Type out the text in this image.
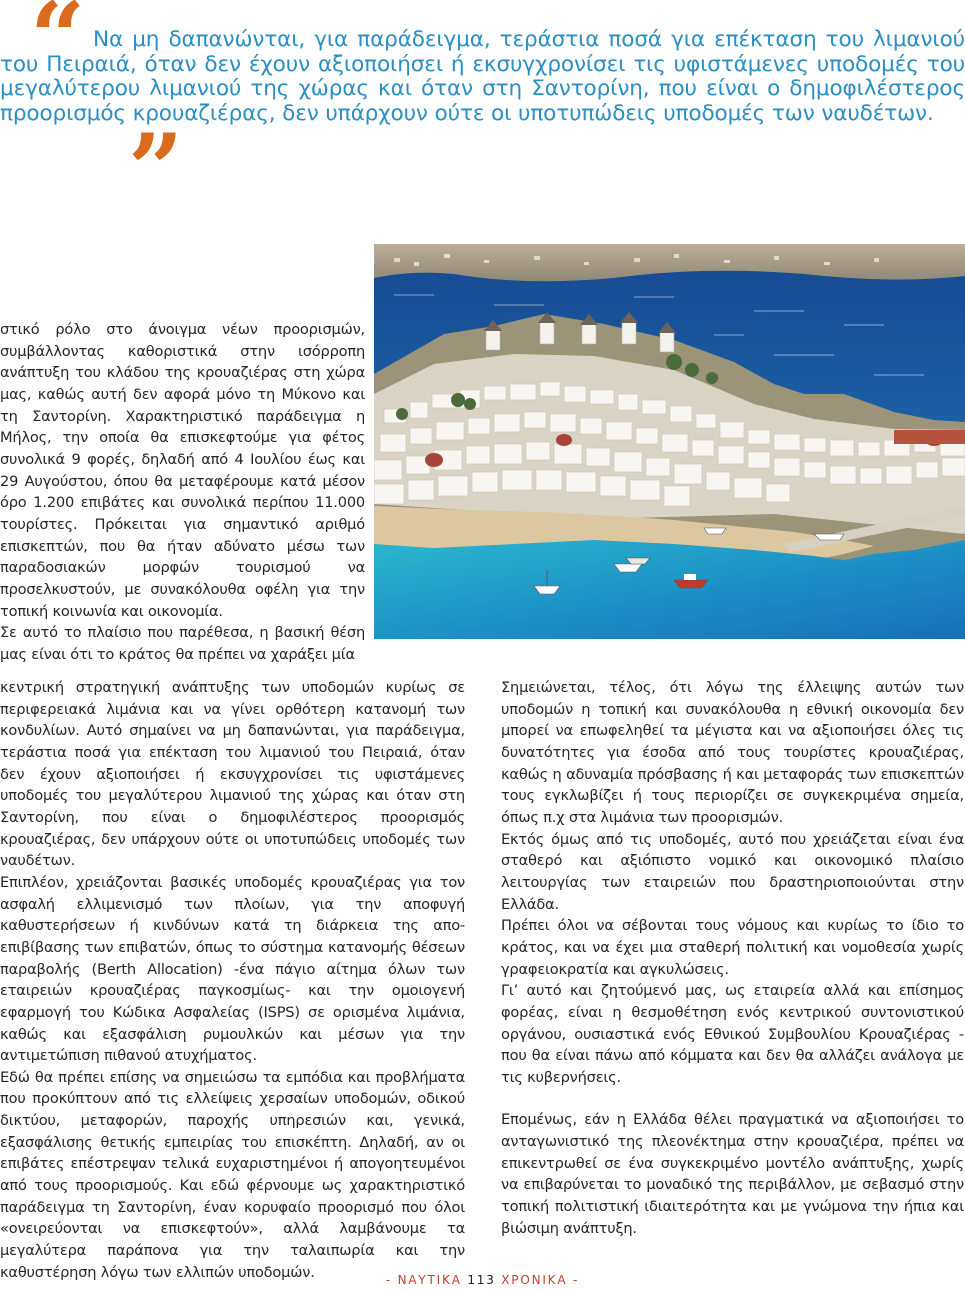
“ Να μη δαπανώνται, για παράδειγμα, τεράστια ποσά για επέκταση του λιμανιού του Πειραιά, όταν δεν έχουν αξιοποιήσει ή εκσυγχρονίσει τις υφιστάμενες υποδομές του μεγαλύτερου λιμανιού της χώρας και όταν στη Σαντορίνη, που είναι ο δημοφιλέστερος προορισμός κρουαζιέρας, δεν υπάρχουν ούτε οι υποτυπώδεις υποδομές των ναυδέτων.

”

στικό ρόλο στο άνοιγμα νέων προορισμών, συμβάλλοντας καθοριστικά στην ισόρροπη ανάπτυξη του κλάδου της κρουαζιέρας στη χώρα μας, καθώς αυτή δεν αφορά μόνο τη Μύκονο και τη Σαντορίνη. Χαρακτηριστικό παράδειγμα η Μήλος, την οποία θα επισκεφτούμε για φέτος συνολικά 9 φορές, δηλαδή από 4 Ιουλίου έως και 29 Αυγούστου, όπου θα μεταφέρουμε κατά μέσον όρο 1.200 επιβάτες και συνολικά περίπου 11.000 τουρίστες. Πρόκειται για σημαντικό αριθμό επισκεπτών, που θα ήταν αδύνατο μέσω των παραδοσιακών μορφών τουρισμού να προσελκυστούν, με συνακόλουθα οφέλη για την τοπική κοινωνία και οικονομία.

Σε αυτό το πλαίσιο που παρέθεσα, η βασική θέση μας είναι ότι το κράτος θα πρέπει να χαράξει μία

κεντρική στρατηγική ανάπτυξης των υποδομών κυρίως σε περιφερειακά λιμάνια και να γίνει ορθότερη κατανομή των κονδυλίων. Αυτό σημαίνει να μη δαπανώνται, για παράδειγμα, τεράστια ποσά για επέκταση του λιμανιού του Πειραιά, όταν δεν έχουν αξιοποιήσει ή εκσυγχρονίσει τις υφιστάμενες υποδομές του μεγαλύτερου λιμανιού της χώρας και όταν στη Σαντορίνη, που είναι ο δημοφιλέστερος προορισμός κρουαζιέρας, δεν υπάρχουν ούτε οι υποτυπώδεις υποδομές των ναυδέτων.

Επιπλέον, χρειάζονται βασικές υποδομές κρουαζιέρας για τον ασφαλή ελλιμενισμό των πλοίων, για την αποφυγή καθυστερήσεων ή κινδύνων κατά τη διάρκεια της απο-επιβίβασης των επιβατών, όπως το σύστημα κατανομής θέσεων παραβολής (Berth Allocation) -ένα πάγιο αίτημα όλων των εταιρειών κρουαζιέρας παγκοσμίως- και την ομοιογενή εφαρμογή του Κώδικα Ασφαλείας (ISPS) σε ορισμένα λιμάνια, καθώς και εξασφάλιση ρυμουλκών και μέσων για την αντιμετώπιση πιθανού ατυχήματος.

Εδώ θα πρέπει επίσης να σημειώσω τα εμπόδια και προβλήματα που προκύπτουν από τις ελλείψεις χερσαίων υποδομών, οδικού δικτύου, μεταφορών, παροχής υπηρεσιών και, γενικά, εξασφάλισης θετικής εμπειρίας του επισκέπτη. Δηλαδή, αν οι επιβάτες επέστρεψαν τελικά ευχαριστημένοι ή απογοητευμένοι από τους προορισμούς. Και εδώ φέρνουμε ως χαρακτηριστικό παράδειγμα τη Σαντορίνη, έναν κορυφαίο προορισμό που όλοι «ονειρεύονται να επισκεφτούν», αλλά λαμβάνουμε τα μεγαλύτερα παράπονα για την ταλαιπωρία και την καθυστέρηση λόγω των ελλιπών υποδομών.

Σημειώνεται, τέλος, ότι λόγω της έλλειψης αυτών των υποδομών η τοπική και συνακόλουθα η εθνική οικονομία δεν μπορεί να επωφεληθεί τα μέγιστα και να αξιοποιήσει όλες τις δυνατότητες για έσοδα από τους τουρίστες κρουαζιέρας, καθώς η αδυναμία πρόσβασης ή και μεταφοράς των επισκεπτών τους εγκλωβίζει ή τους περιορίζει σε συγκεκριμένα σημεία, όπως π.χ στα λιμάνια των προορισμών.

Εκτός όμως από τις υποδομές, αυτό που χρειάζεται είναι ένα σταθερό και αξιόπιστο νομικό και οικονομικό πλαίσιο λειτουργίας των εταιρειών που δραστηριοποιούνται στην Ελλάδα.

Πρέπει όλοι να σέβονται τους νόμους και κυρίως το ίδιο το κράτος, και να έχει μια σταθερή πολιτική και νομοθεσία χωρίς γραφειοκρατία και αγκυλώσεις.

Γι’ αυτό και ζητούμενό μας, ως εταιρεία αλλά και επίσημος φορέας, είναι η θεσμοθέτηση ενός κεντρικού συντονιστικού οργάνου, ουσιαστικά ενός Εθνικού Συμβουλίου Κρουαζιέρας - που θα είναι πάνω από κόμματα και δεν θα αλλάζει ανάλογα με τις κυβερνήσεις.

Επομένως, εάν η Ελλάδα θέλει πραγματικά να αξιοποιήσει το ανταγωνιστικό της πλεονέκτημα στην κρουαζιέρα, πρέπει να επικεντρωθεί σε ένα συγκεκριμένο μοντέλο ανάπτυξης, χωρίς να επιβαρύνεται το μοναδικό της περιβάλλον, με σεβασμό στην τοπική πολιτιστική ιδιαιτερότητα και με γνώμονα την ήπια και βιώσιμη ανάπτυξη.

- ΝΑΥΤΙΚΑ 113 ΧΡΟΝΙΚΑ -
